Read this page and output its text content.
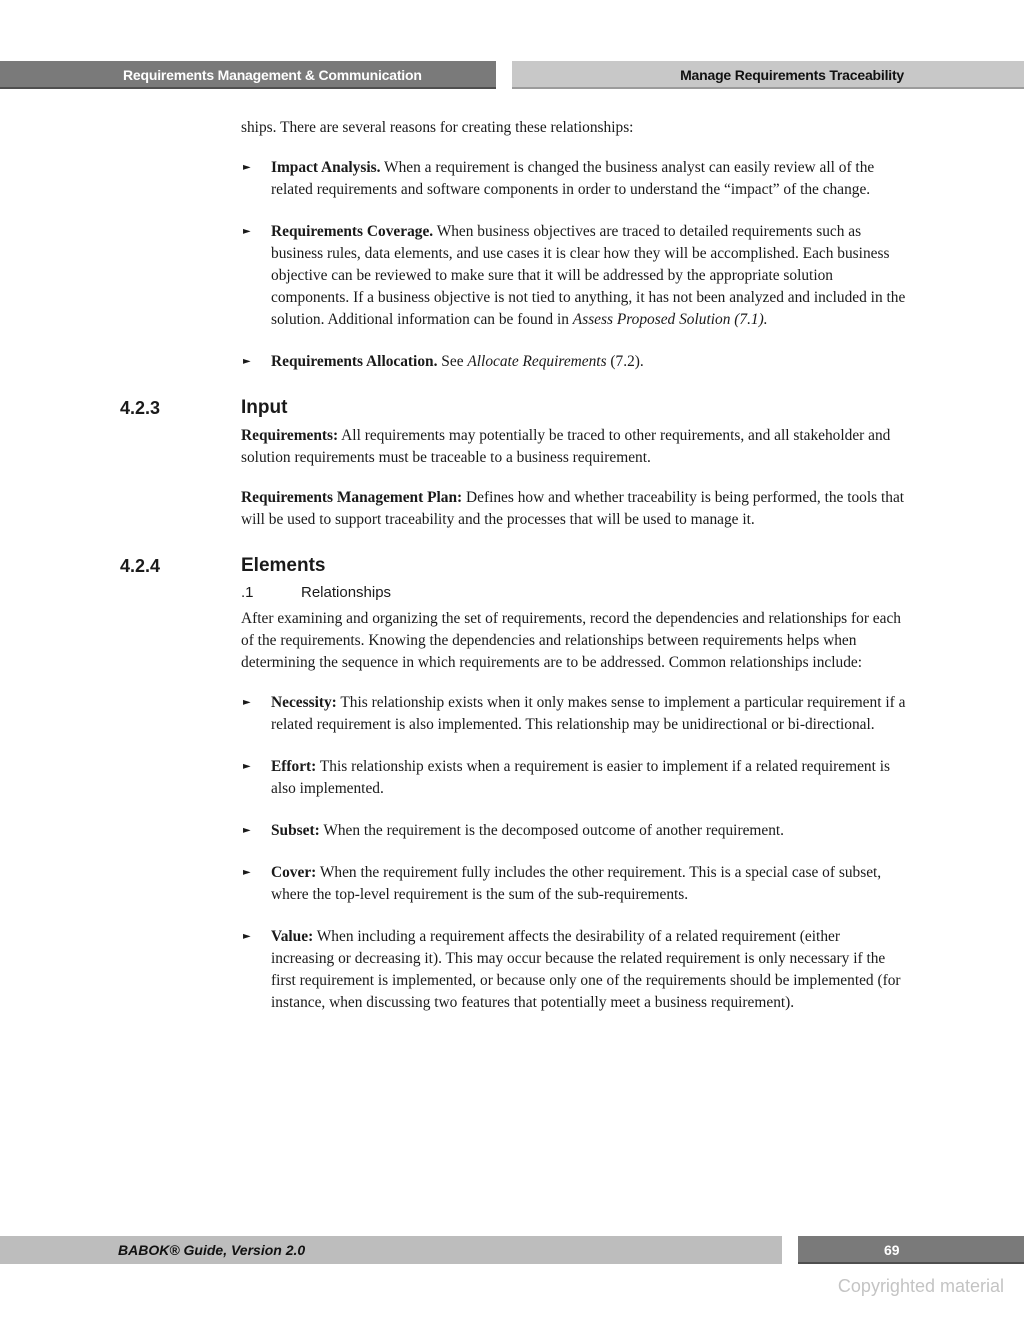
Requirements Management & Communication	Manage Requirements Traceability

ships. There are several reasons for creating these relationships:

► Impact Analysis. When a requirement is changed the business analyst can easily review all of the related requirements and software components in order to understand the “impact” of the change.

► Requirements Coverage. When business objectives are traced to detailed requirements such as business rules, data elements, and use cases it is clear how they will be accomplished. Each business objective can be reviewed to make sure that it will be addressed by the appropriate solution components. If a business objective is not tied to anything, it has not been analyzed and included in the solution. Additional information can be found in Assess Proposed Solution (7.1).

► Requirements Allocation. See Allocate Requirements (7.2).

4.2.3	Input

Requirements: All requirements may potentially be traced to other requirements, and all stakeholder and solution requirements must be traceable to a business requirement.

Requirements Management Plan: Defines how and whether traceability is being performed, the tools that will be used to support traceability and the processes that will be used to manage it.

4.2.4	Elements
.1	Relationships

After examining and organizing the set of requirements, record the dependencies and relationships for each of the requirements. Knowing the dependencies and relationships between requirements helps when determining the sequence in which requirements are to be addressed. Common relationships include:

► Necessity: This relationship exists when it only makes sense to implement a particular requirement if a related requirement is also implemented. This relationship may be unidirectional or bi-directional.

► Effort: This relationship exists when a requirement is easier to implement if a related requirement is also implemented.

► Subset: When the requirement is the decomposed outcome of another requirement.

► Cover: When the requirement fully includes the other requirement. This is a special case of subset, where the top-level requirement is the sum of the sub-requirements.

► Value: When including a requirement affects the desirability of a related requirement (either increasing or decreasing it). This may occur because the related requirement is only necessary if the first requirement is implemented, or because only one of the requirements should be implemented (for instance, when discussing two features that potentially meet a business requirement).

BABOK® Guide, Version 2.0	69
Copyrighted material
